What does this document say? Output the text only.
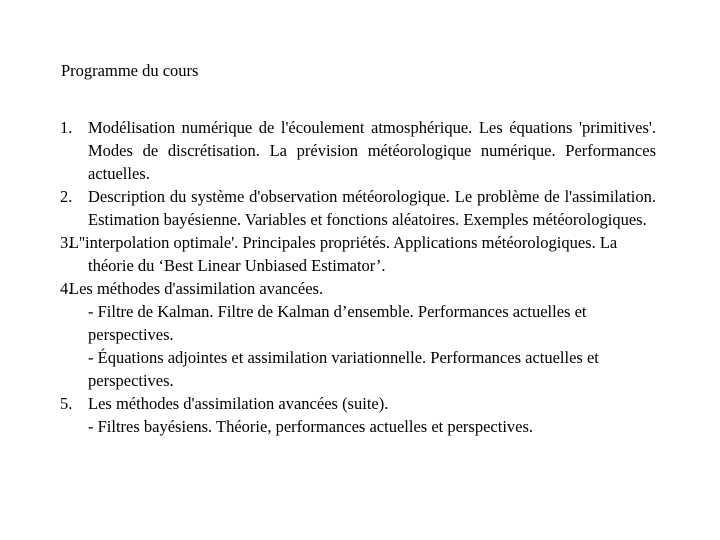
Programme du cours
1. Modélisation numérique de l'écoulement atmosphérique. Les équations 'primitives'. Modes de discrétisation. La prévision météorologique numérique. Performances actuelles.
2. Description du système d'observation météorologique. Le problème de l'assimilation. Estimation bayésienne. Variables et fonctions aléatoires. Exemples météorologiques.
3.
L''interpolation optimale'. Principales propriétés. Applications météorologiques. La théorie du ‘Best Linear Unbiased Estimator’.
4.
Les méthodes d'assimilation avancées.
- Filtre de Kalman. Filtre de Kalman d’ensemble. Performances actuelles et perspectives.
- Équations adjointes et assimilation variationnelle. Performances actuelles et perspectives.
5. Les méthodes d'assimilation avancées (suite).
- Filtres bayésiens. Théorie, performances actuelles et perspectives.
